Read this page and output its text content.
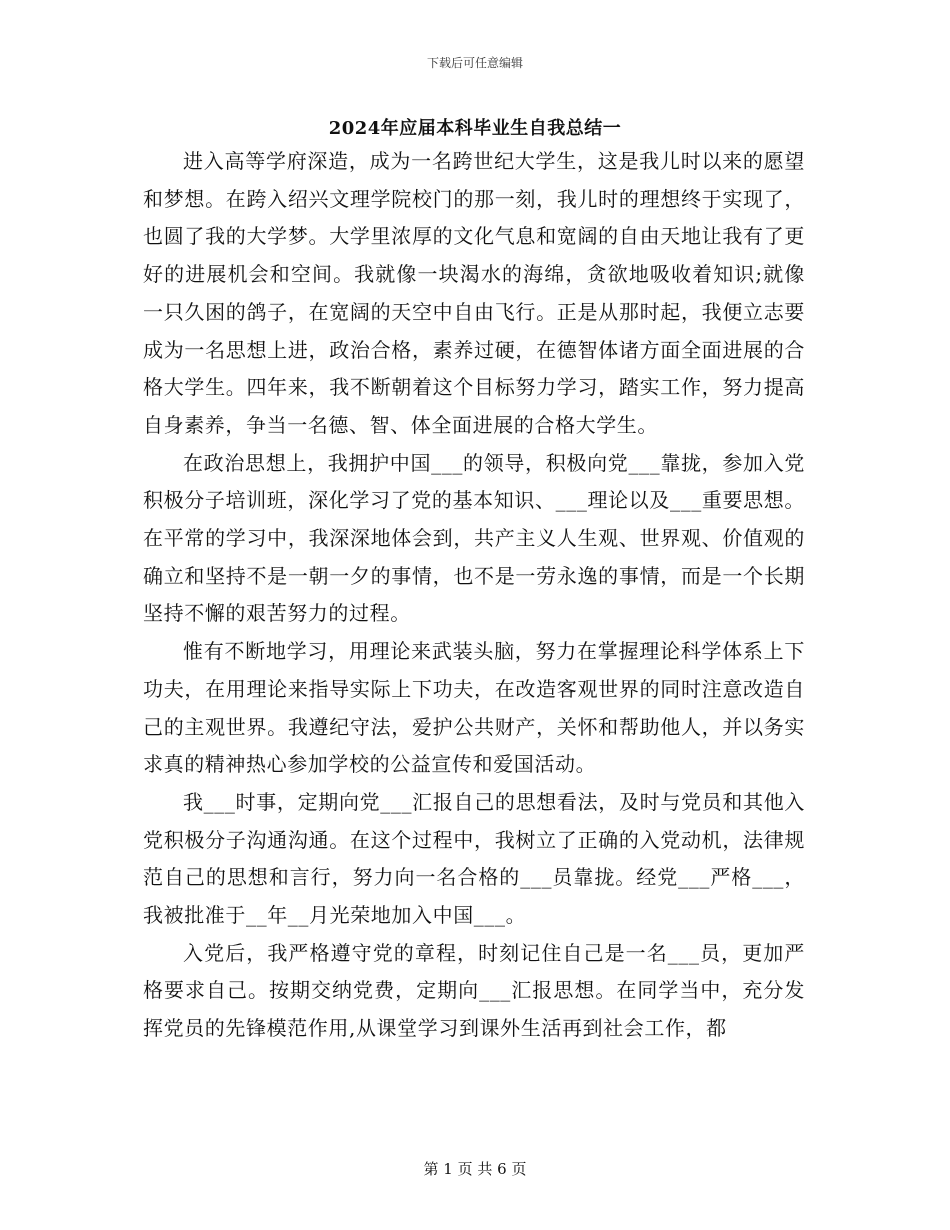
下载后可任意编辑
2024年应届本科毕业生自我总结一

进入高等学府深造，成为一名跨世纪大学生，这是我儿时以来的愿望和梦想。在跨入绍兴文理学院校门的那一刻，我儿时的理想终于实现了，也圆了我的大学梦。大学里浓厚的文化气息和宽阔的自由天地让我有了更好的进展机会和空间。我就像一块渴水的海绵，贪欲地吸收着知识;就像一只久困的鸽子，在宽阔的天空中自由飞行。正是从那时起，我便立志要成为一名思想上进，政治合格，素养过硬，在德智体诸方面全面进展的合格大学生。四年来，我不断朝着这个目标努力学习，踏实工作，努力提高自身素养，争当一名德、智、体全面进展的合格大学生。

在政治思想上，我拥护中国___的领导，积极向党___靠拢，参加入党积极分子培训班，深化学习了党的基本知识、___理论以及___重要思想。在平常的学习中，我深深地体会到，共产主义人生观、世界观、价值观的确立和坚持不是一朝一夕的事情，也不是一劳永逸的事情，而是一个长期坚持不懈的艰苦努力的过程。

惟有不断地学习，用理论来武装头脑，努力在掌握理论科学体系上下功夫，在用理论来指导实际上下功夫，在改造客观世界的同时注意改造自己的主观世界。我遵纪守法，爱护公共财产，关怀和帮助他人，并以务实求真的精神热心参加学校的公益宣传和爱国活动。

我___时事，定期向党___汇报自己的思想看法，及时与党员和其他入党积极分子沟通沟通。在这个过程中，我树立了正确的入党动机，法律规范自己的思想和言行，努力向一名合格的___员靠拢。经党___严格___，我被批准于__年__月光荣地加入中国___。

入党后，我严格遵守党的章程，时刻记住自己是一名___员，更加严格要求自己。按期交纳党费，定期向___汇报思想。在同学当中，充分发挥党员的先锋模范作用,从课堂学习到课外生活再到社会工作，都

第 1 页 共 6 页
